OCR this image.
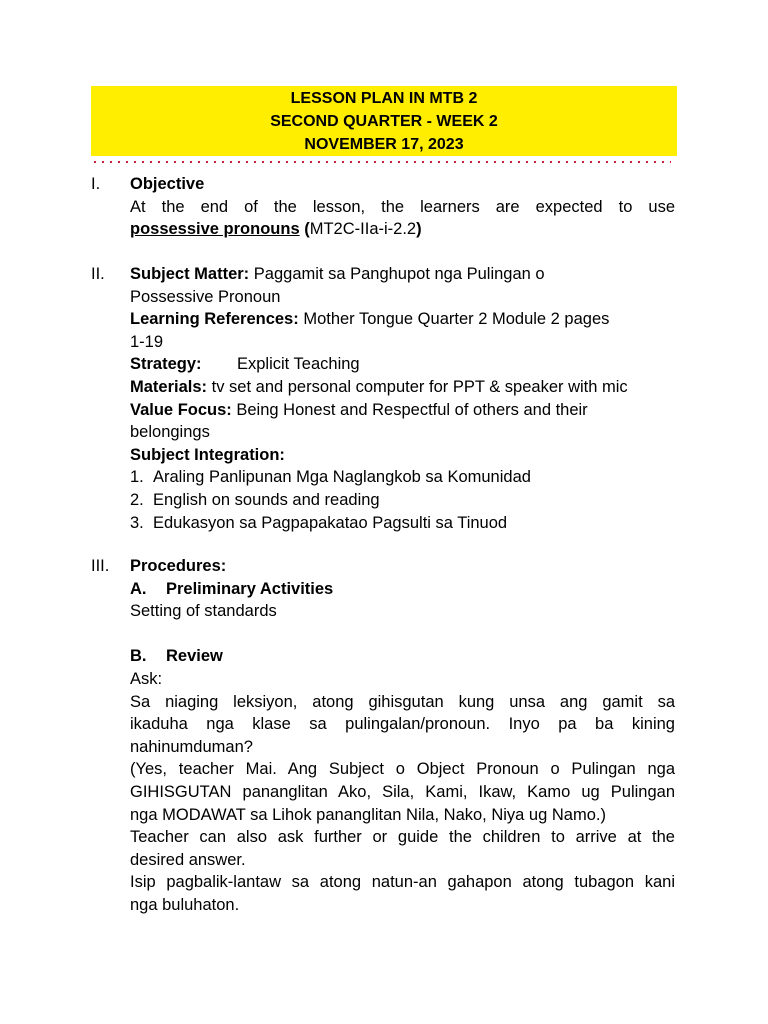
LESSON PLAN IN MTB 2
SECOND QUARTER - WEEK 2
NOVEMBER 17, 2023
I. Objective
At the end of the lesson, the learners are expected to use
possessive pronouns (MT2C-IIa-i-2.2)
II. Subject Matter: Paggamit sa Panghupot nga Pulingan o
Possessive Pronoun
Learning References: Mother Tongue Quarter 2 Module 2 pages
1-19
Strategy: Explicit Teaching
Materials: tv set and personal computer for PPT & speaker with mic
Value Focus: Being Honest and Respectful of others and their
belongings
Subject Integration:
1. Araling Panlipunan Mga Naglangkob sa Komunidad
2. English on sounds and reading
3. Edukasyon sa Pagpapakatao Pagsulti sa Tinuod
III. Procedures:
A. Preliminary Activities
Setting of standards

B. Review
Ask:
Sa niaging leksiyon, atong gihisgutan kung unsa ang gamit sa
ikaduha nga klase sa pulingalan/pronoun. Inyo pa ba kining
nahinumduman?
(Yes, teacher Mai. Ang Subject o Object Pronoun o Pulingan nga
GIHISGUTAN pananglitan Ako, Sila, Kami, Ikaw, Kamo ug Pulingan
nga MODAWAT sa Lihok pananglitan Nila, Nako, Niya ug Namo.)
Teacher can also ask further or guide the children to arrive at the
desired answer.
Isip pagbalik-lantaw sa atong natun-an gahapon atong tubagon kani
nga buluhaton.
